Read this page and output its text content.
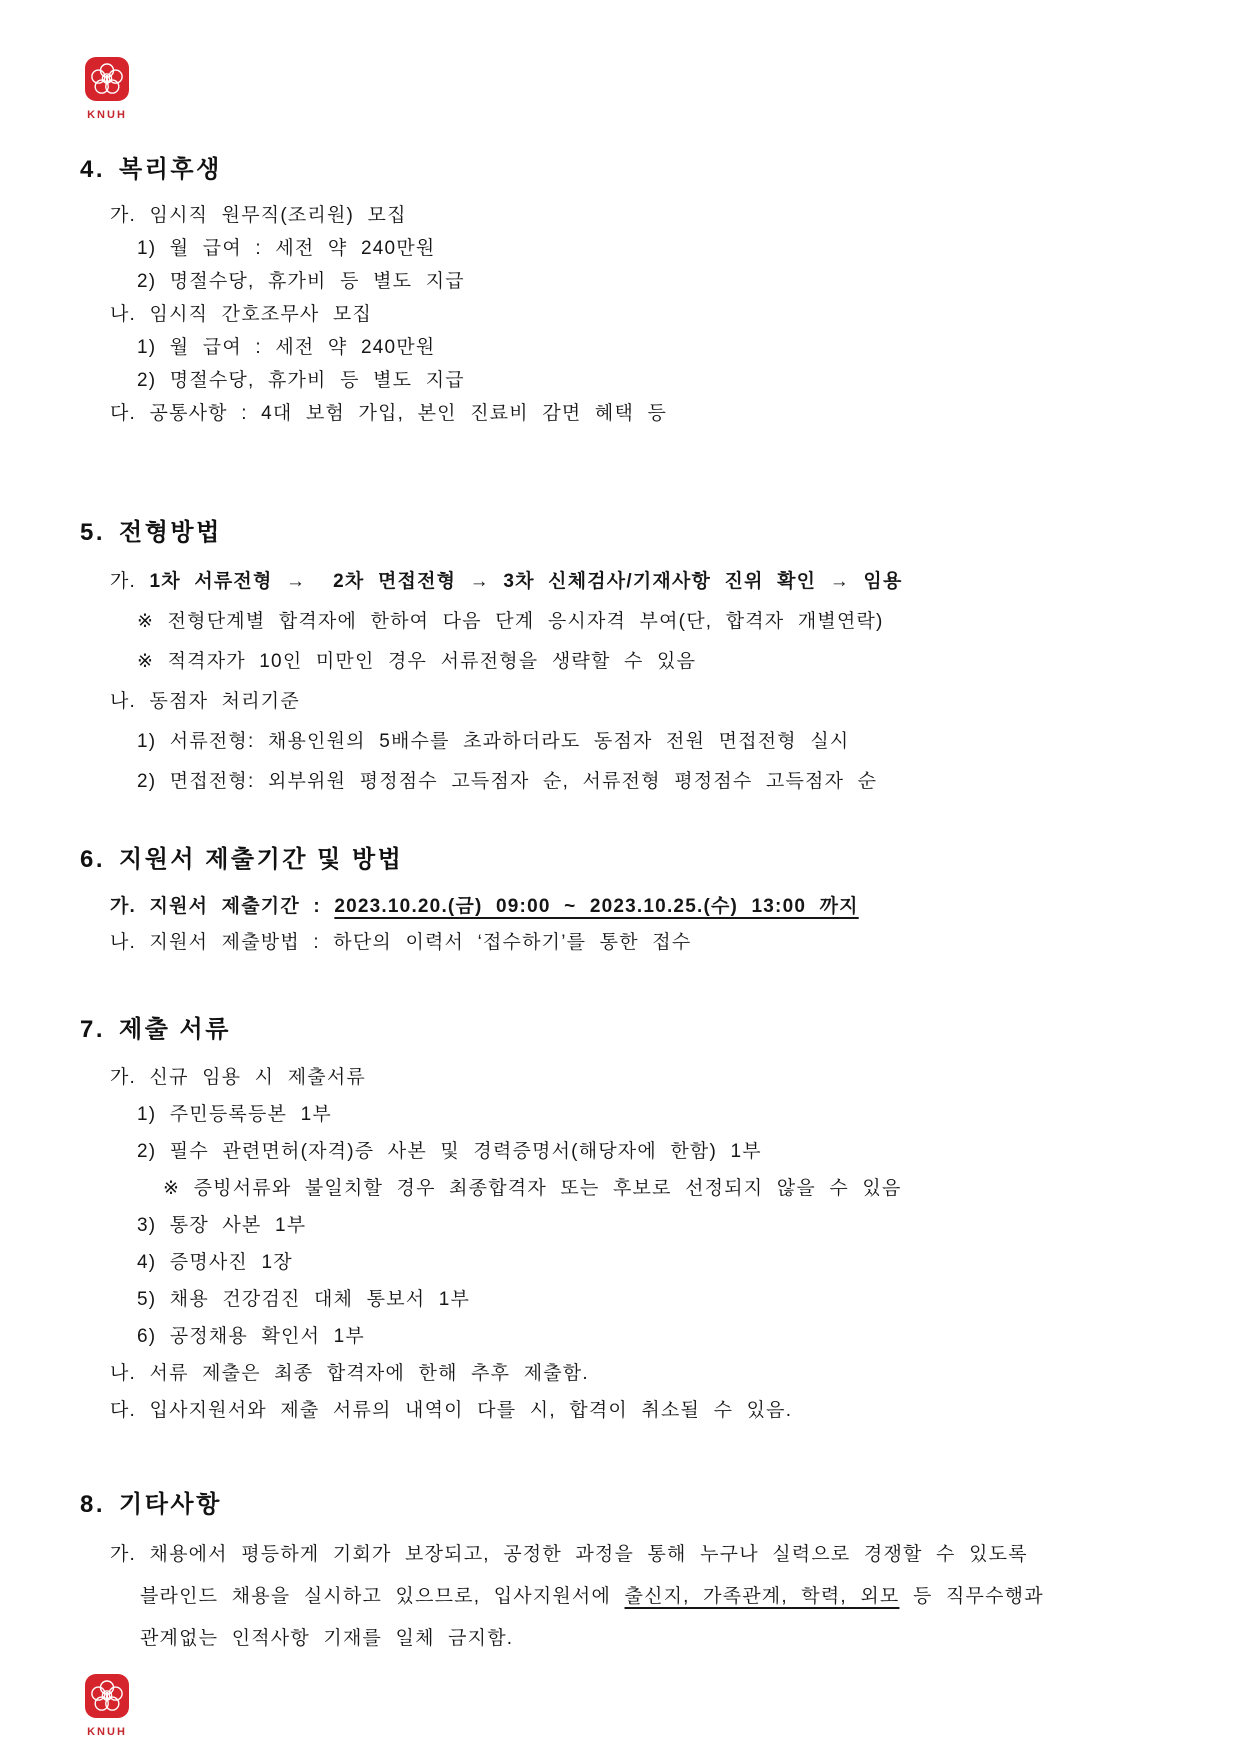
KNUH
4. 복리후생
가. 임시직 원무직(조리원) 모집
1) 월 급여 : 세전 약 240만원
2) 명절수당, 휴가비 등 별도 지급
나. 임시직 간호조무사 모집
1) 월 급여 : 세전 약 240만원
2) 명절수당, 휴가비 등 별도 지급
다. 공통사항 : 4대 보험 가입, 본인 진료비 감면 혜택 등
5. 전형방법
가. 1차 서류전형 →  2차 면접전형 → 3차 신체검사/기재사항 진위 확인 → 임용
※ 전형단계별 합격자에 한하여 다음 단계 응시자격 부여(단, 합격자 개별연락)
※ 적격자가 10인 미만인 경우 서류전형을 생략할 수 있음
나. 동점자 처리기준
1) 서류전형: 채용인원의 5배수를 초과하더라도 동점자 전원 면접전형 실시
2) 면접전형: 외부위원 평정점수 고득점자 순, 서류전형 평정점수 고득점자 순
6. 지원서 제출기간 및 방법
가. 지원서 제출기간 : 2023.10.20.(금) 09:00 ~ 2023.10.25.(수) 13:00 까지
나. 지원서 제출방법 : 하단의 이력서 ‘접수하기’를 통한 접수
7. 제출 서류
가. 신규 임용 시 제출서류
1) 주민등록등본 1부
2) 필수 관련면허(자격)증 사본 및 경력증명서(해당자에 한함) 1부
※ 증빙서류와 불일치할 경우 최종합격자 또는 후보로 선정되지 않을 수 있음
3) 통장 사본 1부
4) 증명사진 1장
5) 채용 건강검진 대체 통보서 1부
6) 공정채용 확인서 1부
나. 서류 제출은 최종 합격자에 한해 추후 제출함.
다. 입사지원서와 제출 서류의 내역이 다를 시, 합격이 취소될 수 있음.
8. 기타사항
가. 채용에서 평등하게 기회가 보장되고, 공정한 과정을 통해 누구나 실력으로 경쟁할 수 있도록
블라인드 채용을 실시하고 있으므로, 입사지원서에 출신지, 가족관계, 학력, 외모 등 직무수행과
관계없는 인적사항 기재를 일체 금지함.
KNUH
